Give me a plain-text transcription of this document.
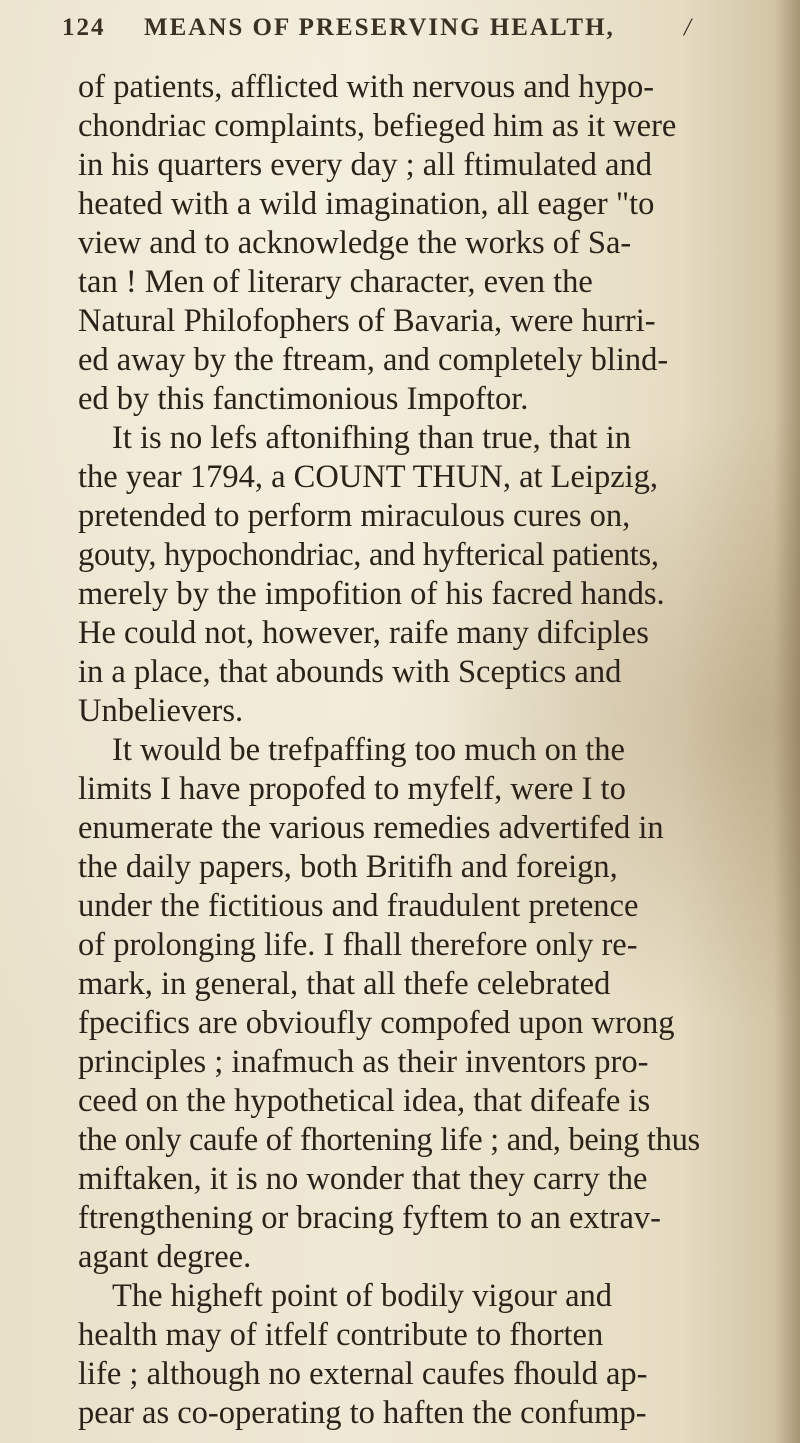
124 MEANS OF PRESERVING HEALTH,	/
of patients, afflicted with nervous and hypo-
chondriac complaints, befieged him as it were
in his quarters every day ; all ftimulated and
heated with a wild imagination, all eager "to
view and to acknowledge the works of Sa-
tan ! Men of literary character, even the
Natural Philofophers of Bavaria, were hurri-
ed away by the ftream, and completely blind-
ed by this fanctimonious Impoftor.
It is no lefs aftonifhing than true, that in
the year 1794, a COUNT THUN, at Leipzig,
pretended to perform miraculous cures on,
gouty, hypochondriac, and hyfterical patients,
merely by the impofition of his facred hands.
He could not, however, raife many difciples
in a place, that abounds with Sceptics and
Unbelievers.
It would be trefpaffing too much on the
limits I have propofed to myfelf, were I to
enumerate the various remedies advertifed in
the daily papers, both Britifh and foreign,
under the fictitious and fraudulent pretence
of prolonging life. I fhall therefore only re-
mark, in general, that all thefe celebrated
fpecifics are obvioufly compofed upon wrong
principles ; inafmuch as their inventors pro-
ceed on the hypothetical idea, that difeafe is
the only caufe of fhortening life ; and, being thus
miftaken, it is no wonder that they carry the
ftrengthening or bracing fyftem to an extrav-
agant degree.
The higheft point of bodily vigour and
health may of itfelf contribute to fhorten
life ; although no external caufes fhould ap-
pear as co-operating to haften the confump-
